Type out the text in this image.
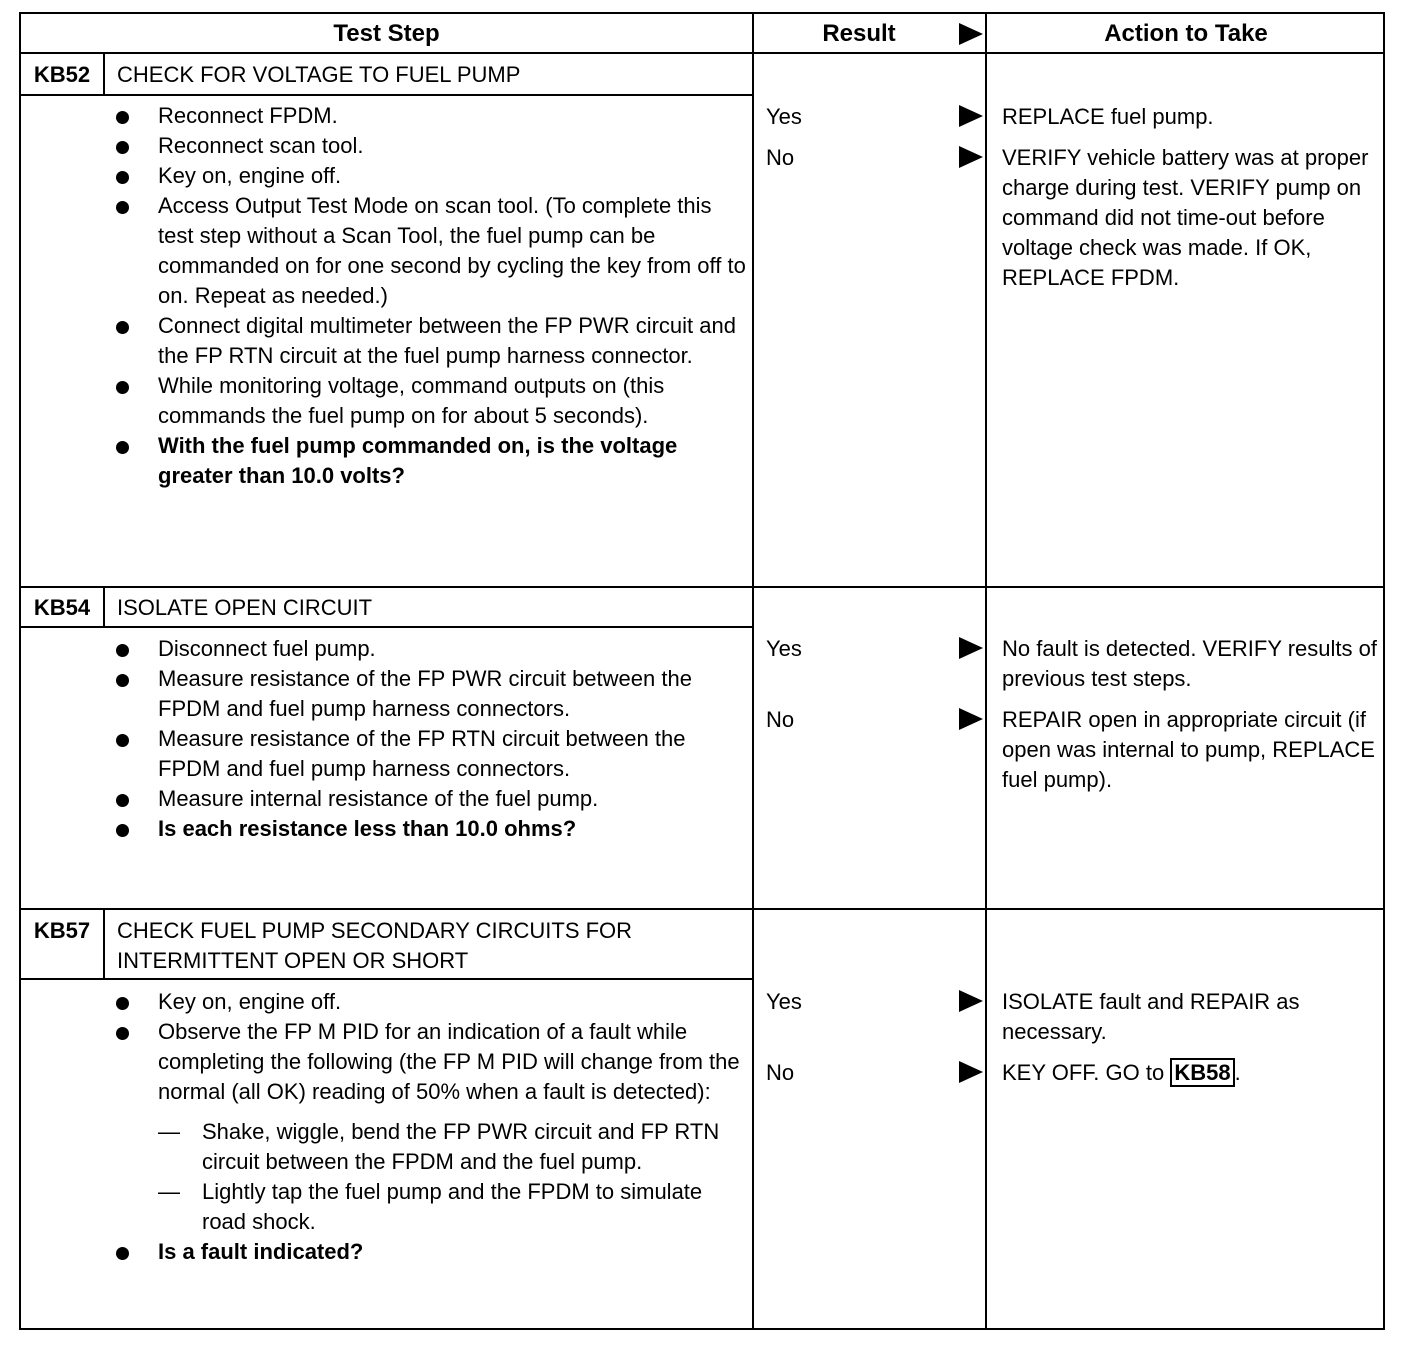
Test Step	Result	Action to Take
KB52	CHECK FOR VOLTAGE TO FUEL PUMP
Reconnect FPDM.
Reconnect scan tool.
Key on, engine off.
Access Output Test Mode on scan tool. (To complete this test step without a Scan Tool, the fuel pump can be commanded on for one second by cycling the key from off to on. Repeat as needed.)
Connect digital multimeter between the FP PWR circuit and the FP RTN circuit at the fuel pump harness connector.
While monitoring voltage, command outputs on (this commands the fuel pump on for about 5 seconds).
With the fuel pump commanded on, is the voltage greater than 10.0 volts?
Yes	REPLACE fuel pump.
No	VERIFY vehicle battery was at proper charge during test. VERIFY pump on command did not time-out before voltage check was made. If OK, REPLACE FPDM.
KB54	ISOLATE OPEN CIRCUIT
Disconnect fuel pump.
Measure resistance of the FP PWR circuit between the FPDM and fuel pump harness connectors.
Measure resistance of the FP RTN circuit between the FPDM and fuel pump harness connectors.
Measure internal resistance of the fuel pump.
Is each resistance less than 10.0 ohms?
Yes	No fault is detected. VERIFY results of previous test steps.
No	REPAIR open in appropriate circuit (if open was internal to pump, REPLACE fuel pump).
KB57	CHECK FUEL PUMP SECONDARY CIRCUITS FOR INTERMITTENT OPEN OR SHORT
Key on, engine off.
Observe the FP M PID for an indication of a fault while completing the following (the FP M PID will change from the normal (all OK) reading of 50% when a fault is detected):
— Shake, wiggle, bend the FP PWR circuit and FP RTN circuit between the FPDM and the fuel pump.
— Lightly tap the fuel pump and the FPDM to simulate road shock.
Is a fault indicated?
Yes	ISOLATE fault and REPAIR as necessary.
No	KEY OFF. GO to KB58 .
